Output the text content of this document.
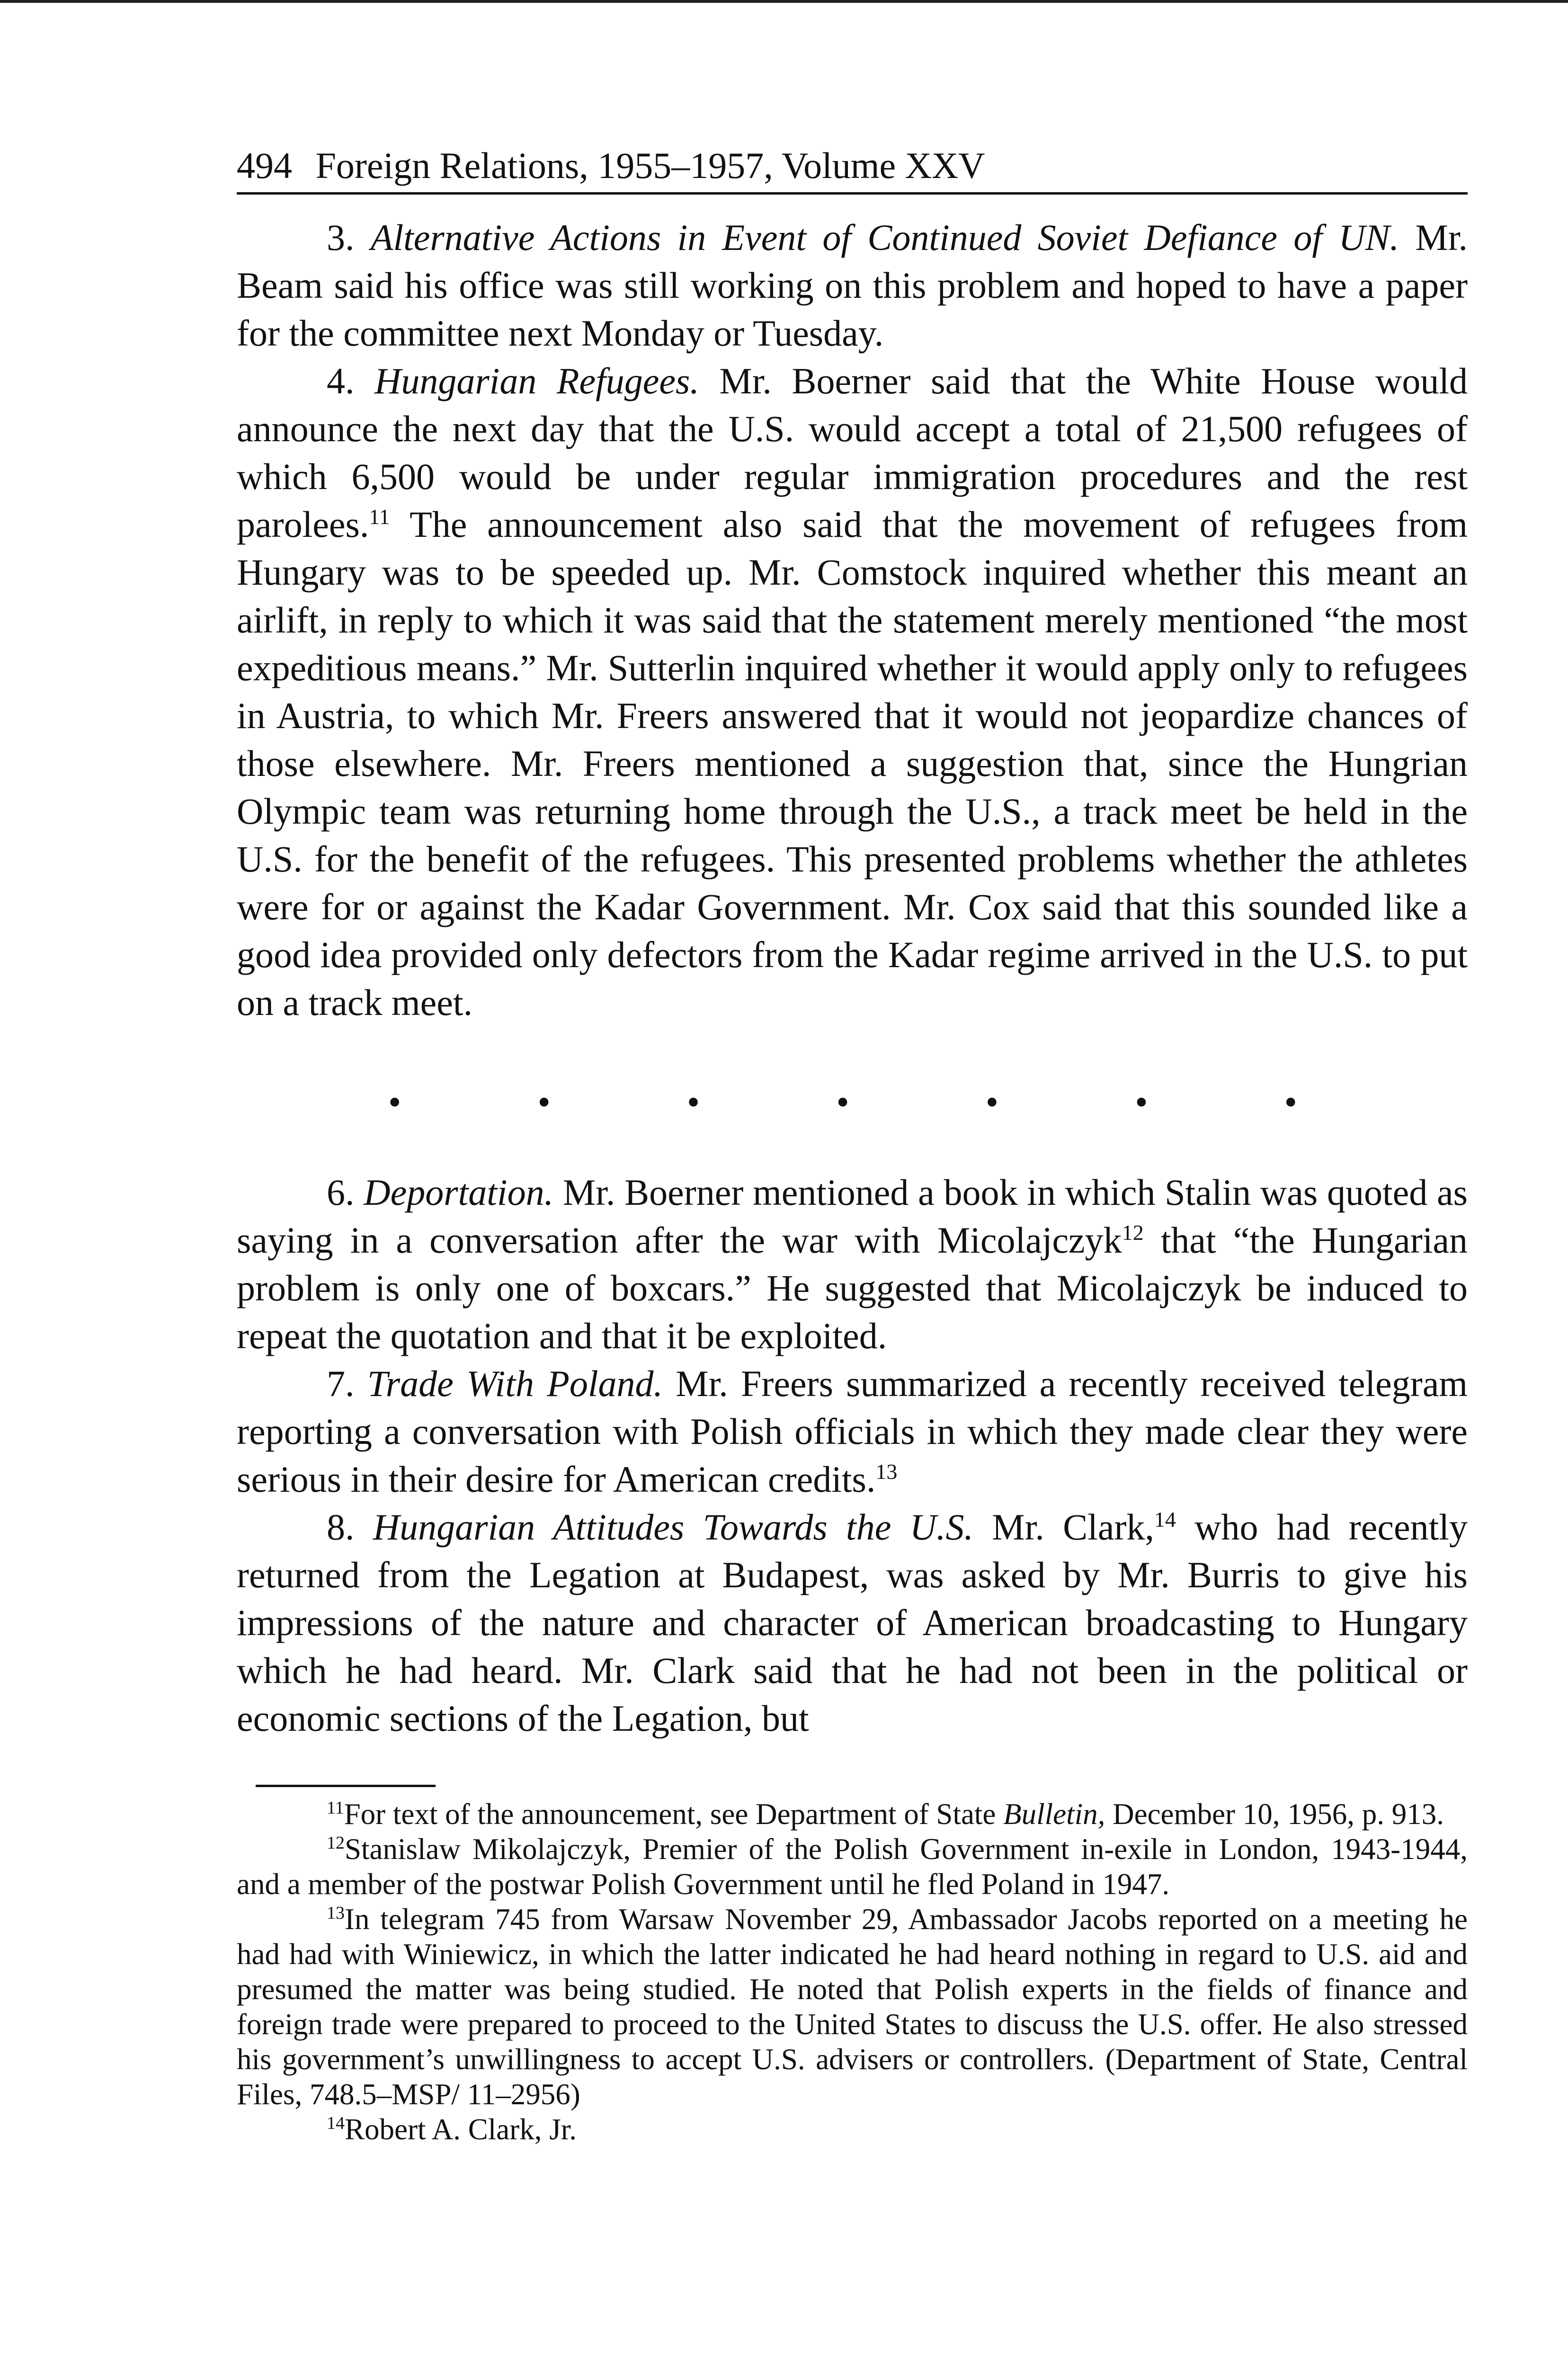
494 Foreign Relations, 1955–1957, Volume XXV

3. Alternative Actions in Event of Continued Soviet Defiance of UN. Mr. Beam said his office was still working on this problem and hoped to have a paper for the committee next Monday or Tuesday.

4. Hungarian Refugees. Mr. Boerner said that the White House would announce the next day that the U.S. would accept a total of 21,500 refugees of which 6,500 would be under regular immigration procedures and the rest parolees.$^{11}$ The announcement also said that the movement of refugees from Hungary was to be speeded up. Mr. Comstock inquired whether this meant an airlift, in reply to which it was said that the statement merely mentioned “the most expeditious means.” Mr. Sutterlin inquired whether it would apply only to refugees in Austria, to which Mr. Freers answered that it would not jeopardize chances of those elsewhere. Mr. Freers mentioned a suggestion that, since the Hungrian Olympic team was returning home through the U.S., a track meet be held in the U.S. for the benefit of the refugees. This presented problems whether the athletes were for or against the Kadar Government. Mr. Cox said that this sounded like a good idea provided only defectors from the Kadar regime arrived in the U.S. to put on a track meet.

•	•	•	•	•	•	•

6. Deportation. Mr. Boerner mentioned a book in which Stalin was quoted as saying in a conversation after the war with Micolajczyk$^{12}$ that “the Hungarian problem is only one of boxcars.” He suggested that Micolajczyk be induced to repeat the quotation and that it be exploited.

7. Trade With Poland. Mr. Freers summarized a recently received telegram reporting a conversation with Polish officials in which they made clear they were serious in their desire for American credits.$^{13}$

8. Hungarian Attitudes Towards the U.S. Mr. Clark,$^{14}$ who had recently returned from the Legation at Budapest, was asked by Mr. Burris to give his impressions of the nature and character of American broadcasting to Hungary which he had heard. Mr. Clark said that he had not been in the political or economic sections of the Legation, but

$^{11}$For text of the announcement, see Department of State Bulletin, December 10, 1956, p. 913.

$^{12}$Stanislaw Mikolajczyk, Premier of the Polish Government in-exile in London, 1943-1944, and a member of the postwar Polish Government until he fled Poland in 1947.

$^{13}$In telegram 745 from Warsaw November 29, Ambassador Jacobs reported on a meeting he had had with Winiewicz, in which the latter indicated he had heard nothing in regard to U.S. aid and presumed the matter was being studied. He noted that Polish experts in the fields of finance and foreign trade were prepared to proceed to the United States to discuss the U.S. offer. He also stressed his government’s unwillingness to accept U.S. advisers or controllers. (Department of State, Central Files, 748.5–MSP/ 11–2956)

$^{14}$Robert A. Clark, Jr.
